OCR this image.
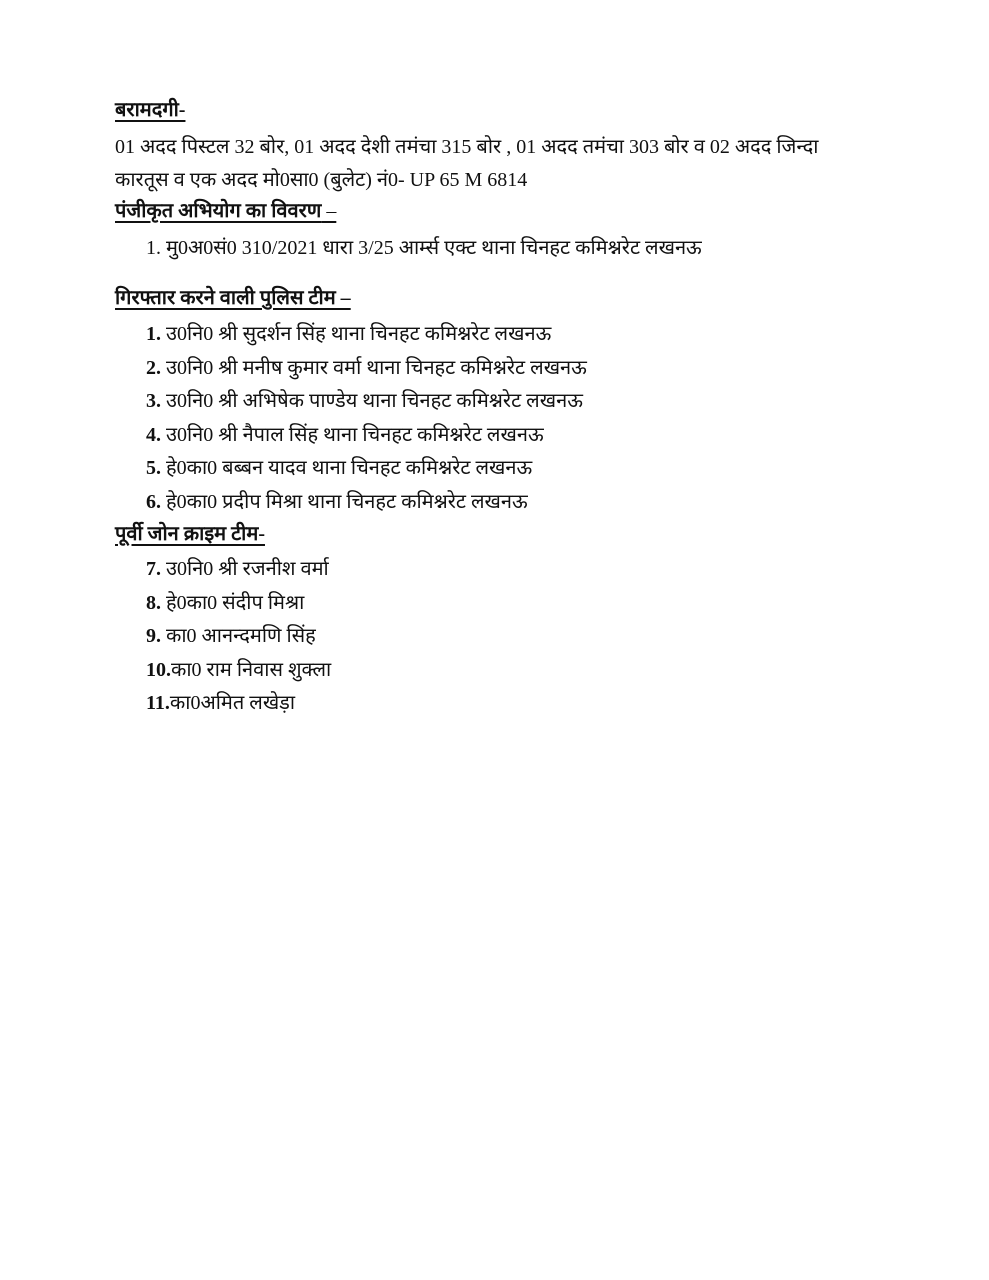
बरामदगी-
01 अदद पिस्टल 32 बोर, 01 अदद देशी तमंचा 315 बोर , 01 अदद तमंचा 303 बोर व 02 अदद जिन्दा
कारतूस व एक अदद मो0सा0 (बुलेट) नं0- UP 65 M 6814
पंजीकृत अभियोग का विवरण –
1. मु0अ0सं0 310/2021 धारा 3/25 आर्म्स एक्ट थाना चिनहट कमिश्नरेट लखनऊ
गिरफ्तार करने वाली पुलिस टीम –
1. उ0नि0 श्री सुदर्शन सिंह थाना चिनहट कमिश्नरेट लखनऊ
2. उ0नि0 श्री मनीष कुमार वर्मा थाना चिनहट कमिश्नरेट लखनऊ
3. उ0नि0 श्री अभिषेक पाण्डेय थाना चिनहट कमिश्नरेट लखनऊ
4. उ0नि0 श्री नैपाल सिंह थाना चिनहट कमिश्नरेट लखनऊ
5. हे0का0 बब्बन यादव थाना चिनहट कमिश्नरेट लखनऊ
6. हे0का0 प्रदीप मिश्रा थाना चिनहट कमिश्नरेट लखनऊ
पूर्वी जोन क्राइम टीम-
7. उ0नि0 श्री रजनीश वर्मा
8. हे0का0 संदीप मिश्रा
9. का0 आनन्दमणि सिंह
10.का0 राम निवास शुक्ला
11.का0अमित लखेड़ा
